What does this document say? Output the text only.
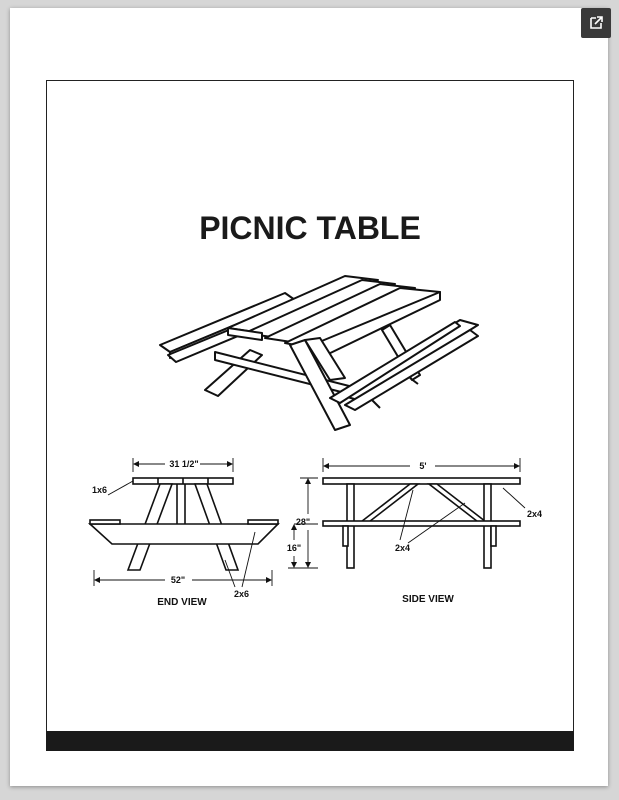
PICNIC TABLE
31 1/2"
1x6
52"
2x6
END VIEW
5'
28"
16"
2x4
2x4
SIDE VIEW
